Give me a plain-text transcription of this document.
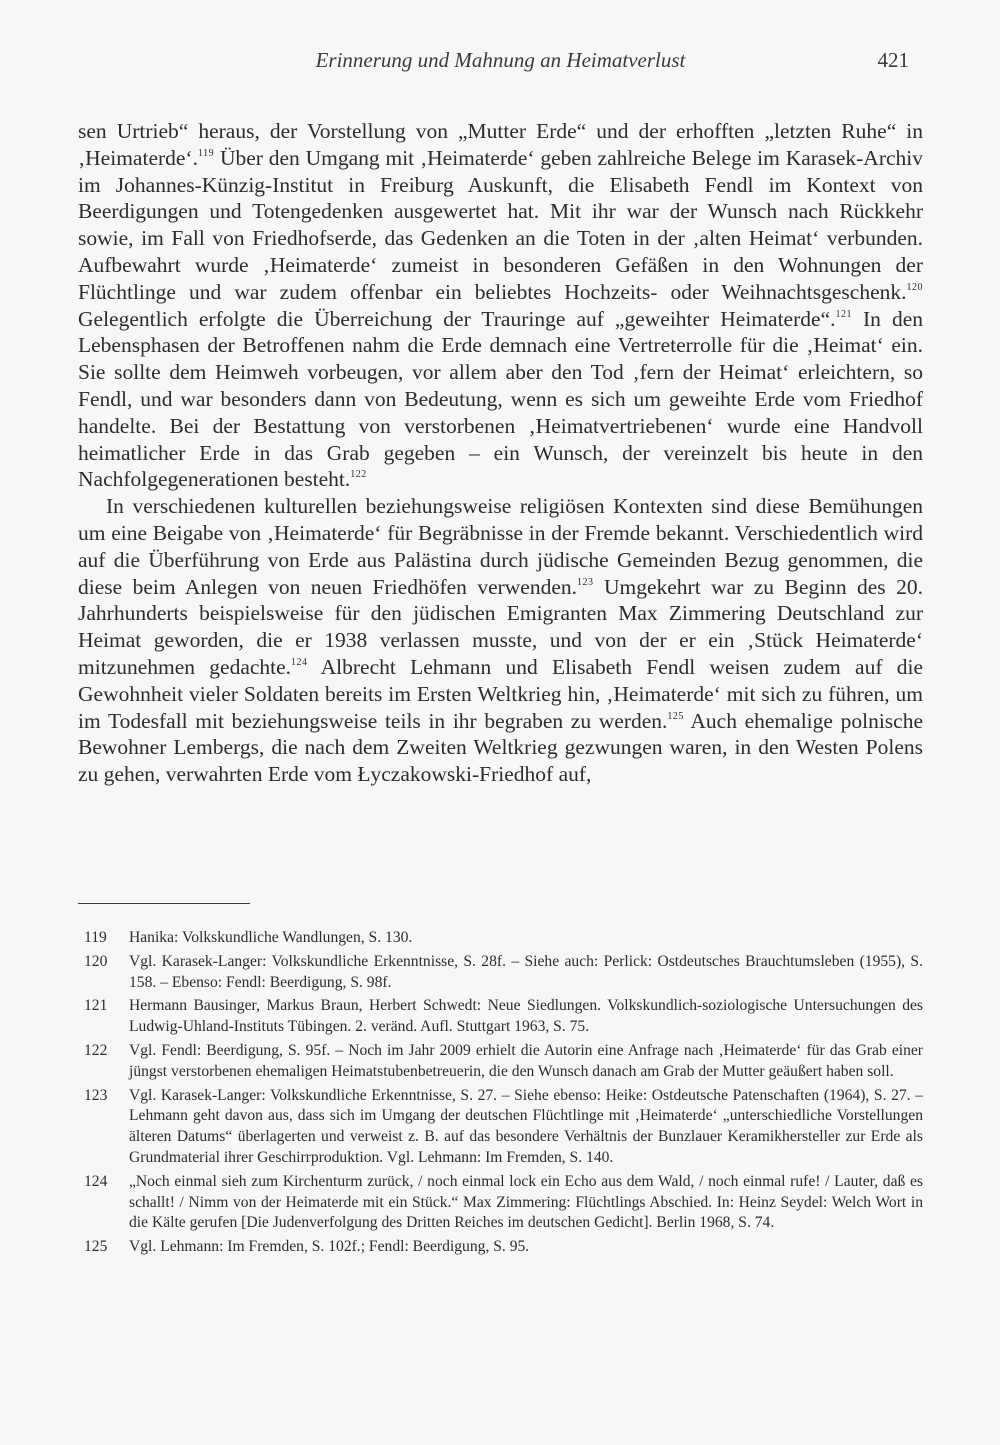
Erinnerung und Mahnung an Heimatverlust	421

sen Urtrieb“ heraus, der Vorstellung von „Mutter Erde“ und der erhofften „letzten Ruhe“ in ‚Heimaterde‘.$^{119}$ Über den Umgang mit ‚Heimaterde‘ geben zahlreiche Belege im Karasek-Archiv im Johannes-Künzig-Institut in Freiburg Auskunft, die Elisabeth Fendl im Kontext von Beerdigungen und Totengedenken ausgewertet hat. Mit ihr war der Wunsch nach Rückkehr sowie, im Fall von Friedhofserde, das Gedenken an die Toten in der ‚alten Heimat‘ verbunden. Aufbewahrt wurde ‚Heimaterde‘ zumeist in besonderen Gefäßen in den Wohnungen der Flüchtlinge und war zudem offenbar ein beliebtes Hochzeits- oder Weihnachtsgeschenk.$^{120}$ Gelegentlich erfolgte die Überreichung der Trauringe auf „geweihter Heimaterde“.$^{121}$ In den Lebensphasen der Betroffenen nahm die Erde demnach eine Vertreterrolle für die ‚Heimat‘ ein. Sie sollte dem Heimweh vorbeugen, vor allem aber den Tod ‚fern der Heimat‘ erleichtern, so Fendl, und war besonders dann von Bedeutung, wenn es sich um geweihte Erde vom Friedhof handelte. Bei der Bestattung von verstorbenen ‚Heimatvertriebenen‘ wurde eine Handvoll heimatlicher Erde in das Grab gegeben – ein Wunsch, der vereinzelt bis heute in den Nachfolgegenerationen besteht.$^{122}$

In verschiedenen kulturellen beziehungsweise religiösen Kontexten sind diese Bemühungen um eine Beigabe von ‚Heimaterde‘ für Begräbnisse in der Fremde bekannt. Verschiedentlich wird auf die Überführung von Erde aus Palästina durch jüdische Gemeinden Bezug genommen, die diese beim Anlegen von neuen Friedhöfen verwenden.$^{123}$ Umgekehrt war zu Beginn des 20. Jahrhunderts beispielsweise für den jüdischen Emigranten Max Zimmering Deutschland zur Heimat geworden, die er 1938 verlassen musste, und von der er ein ‚Stück Heimaterde‘ mitzunehmen gedachte.$^{124}$ Albrecht Lehmann und Elisabeth Fendl weisen zudem auf die Gewohnheit vieler Soldaten bereits im Ersten Weltkrieg hin, ‚Heimaterde‘ mit sich zu führen, um im Todesfall mit beziehungsweise teils in ihr begraben zu werden.$^{125}$ Auch ehemalige polnische Bewohner Lembergs, die nach dem Zweiten Weltkrieg gezwungen waren, in den Westen Polens zu gehen, verwahrten Erde vom Łyczakowski-Friedhof auf,

119 Hanika: Volkskundliche Wandlungen, S. 130.
120 Vgl. Karasek-Langer: Volkskundliche Erkenntnisse, S. 28f. – Siehe auch: Perlick: Ostdeutsches Brauchtumsleben (1955), S. 158. – Ebenso: Fendl: Beerdigung, S. 98f.
121 Hermann Bausinger, Markus Braun, Herbert Schwedt: Neue Siedlungen. Volkskundlich-soziologische Untersuchungen des Ludwig-Uhland-Instituts Tübingen. 2. veränd. Aufl. Stuttgart 1963, S. 75.
122 Vgl. Fendl: Beerdigung, S. 95f. – Noch im Jahr 2009 erhielt die Autorin eine Anfrage nach ‚Heimaterde‘ für das Grab einer jüngst verstorbenen ehemaligen Heimatstubenbetreuerin, die den Wunsch danach am Grab der Mutter geäußert haben soll.
123 Vgl. Karasek-Langer: Volkskundliche Erkenntnisse, S. 27. – Siehe ebenso: Heike: Ostdeutsche Patenschaften (1964), S. 27. – Lehmann geht davon aus, dass sich im Umgang der deutschen Flüchtlinge mit ‚Heimaterde‘ „unterschiedliche Vorstellungen älteren Datums“ überlagerten und verweist z. B. auf das besondere Verhältnis der Bunzlauer Keramikhersteller zur Erde als Grundmaterial ihrer Geschirrproduktion. Vgl. Lehmann: Im Fremden, S. 140.
124 „Noch einmal sieh zum Kirchenturm zurück, / noch einmal lock ein Echo aus dem Wald, / noch einmal rufe! / Lauter, daß es schallt! / Nimm von der Heimaterde mit ein Stück.“ Max Zimmering: Flüchtlings Abschied. In: Heinz Seydel: Welch Wort in die Kälte gerufen [Die Judenverfolgung des Dritten Reiches im deutschen Gedicht]. Berlin 1968, S. 74.
125 Vgl. Lehmann: Im Fremden, S. 102f.; Fendl: Beerdigung, S. 95.
